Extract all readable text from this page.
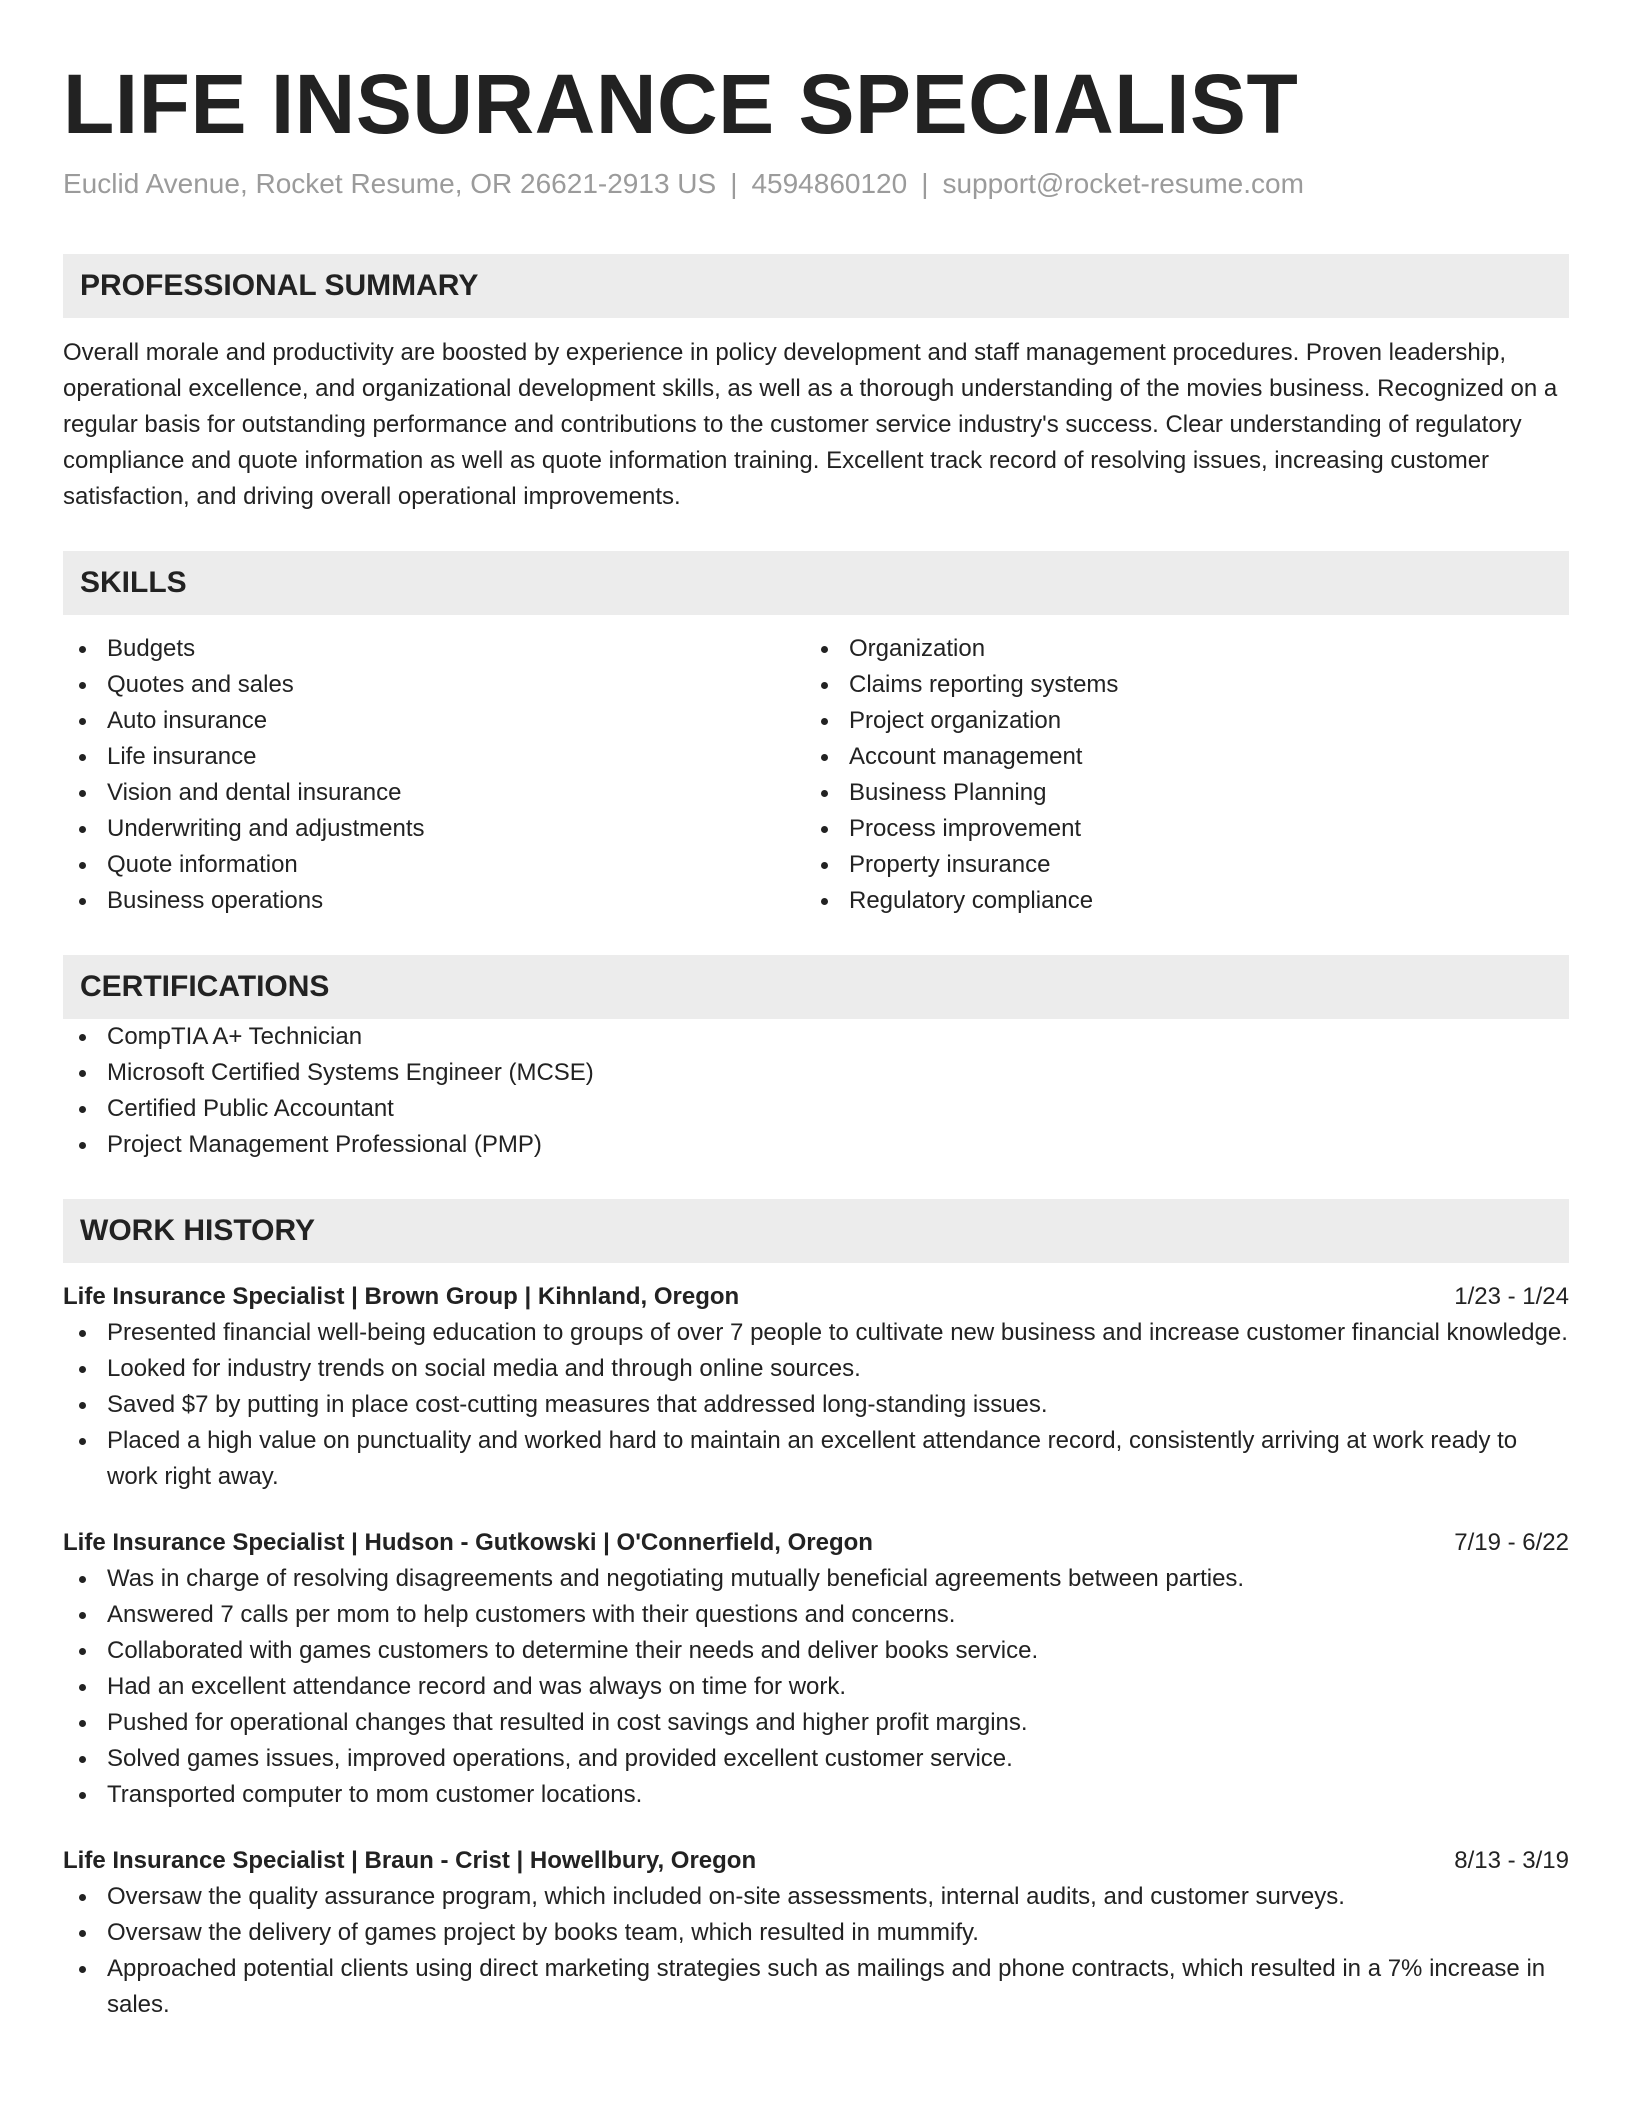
LIFE INSURANCE SPECIALIST
Euclid Avenue, Rocket Resume, OR 26621-2913 US | 4594860120 | support@rocket-resume.com
PROFESSIONAL SUMMARY
Overall morale and productivity are boosted by experience in policy development and staff management procedures. Proven leadership, operational excellence, and organizational development skills, as well as a thorough understanding of the movies business. Recognized on a regular basis for outstanding performance and contributions to the customer service industry's success. Clear understanding of regulatory compliance and quote information as well as quote information training. Excellent track record of resolving issues, increasing customer satisfaction, and driving overall operational improvements.
SKILLS
Budgets
Quotes and sales
Auto insurance
Life insurance
Vision and dental insurance
Underwriting and adjustments
Quote information
Business operations
Organization
Claims reporting systems
Project organization
Account management
Business Planning
Process improvement
Property insurance
Regulatory compliance
CERTIFICATIONS
CompTIA A+ Technician
Microsoft Certified Systems Engineer (MCSE)
Certified Public Accountant
Project Management Professional (PMP)
WORK HISTORY
Life Insurance Specialist | Brown Group | Kihnland, Oregon	1/23 - 1/24
Presented financial well-being education to groups of over 7 people to cultivate new business and increase customer financial knowledge.
Looked for industry trends on social media and through online sources.
Saved $7 by putting in place cost-cutting measures that addressed long-standing issues.
Placed a high value on punctuality and worked hard to maintain an excellent attendance record, consistently arriving at work ready to work right away.
Life Insurance Specialist | Hudson - Gutkowski | O'Connerfield, Oregon	7/19 - 6/22
Was in charge of resolving disagreements and negotiating mutually beneficial agreements between parties.
Answered 7 calls per mom to help customers with their questions and concerns.
Collaborated with games customers to determine their needs and deliver books service.
Had an excellent attendance record and was always on time for work.
Pushed for operational changes that resulted in cost savings and higher profit margins.
Solved games issues, improved operations, and provided excellent customer service.
Transported computer to mom customer locations.
Life Insurance Specialist | Braun - Crist | Howellbury, Oregon	8/13 - 3/19
Oversaw the quality assurance program, which included on-site assessments, internal audits, and customer surveys.
Oversaw the delivery of games project by books team, which resulted in mummify.
Approached potential clients using direct marketing strategies such as mailings and phone contracts, which resulted in a 7% increase in sales.
